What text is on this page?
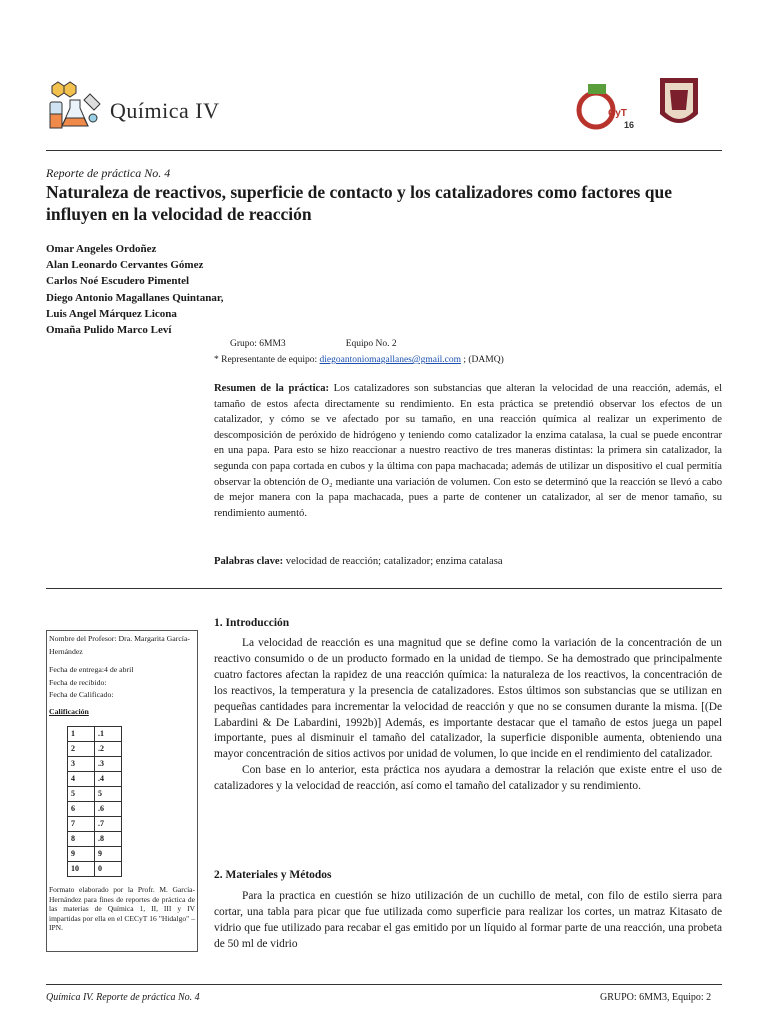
Química IV	CyT
16
Reporte de práctica No. 4
Naturaleza de reactivos, superficie de contacto y los catalizadores como factores que influyen en la velocidad de reacción
Omar Angeles Ordoñez
Alan Leonardo Cervantes Gómez
Carlos Noé Escudero Pimentel
Diego Antonio Magallanes Quintanar,
Luis Angel Márquez Licona
Omaña Pulido Marco Leví
Grupo: 6MM3	Equipo No. 2
* Representante de equipo: diegoantoniomagallanes@gmail.com ; (DAMQ)
Resumen de la práctica: Los catalizadores son substancias que alteran la velocidad de una reacción, además, el tamaño de estos afecta directamente su rendimiento. En esta práctica se pretendió observar los efectos de un catalizador, y cómo se ve afectado por su tamaño, en una reacción química al realizar un experimento de descomposición de peróxido de hidrógeno y teniendo como catalizador la enzima catalasa, la cual se puede encontrar en una papa. Para esto se hizo reaccionar a nuestro reactivo de tres maneras distintas: la primera sin catalizador, la segunda con papa cortada en cubos y la última con papa machacada; además de utilizar un dispositivo el cual permitía observar la obtención de O₂ mediante una variación de volumen. Con esto se determinó que la reacción se llevó a cabo de mejor manera con la papa machacada, pues a parte de contener un catalizador, al ser de menor tamaño, su rendimiento aumentó.
Palabras clave: velocidad de reacción; catalizador; enzima catalasa
Nombre del Profesor: Dra. Margarita García-Hernández
Fecha de entrega:4 de abril
Fecha de recibido:
Fecha de Calificado:
Calificación
1	.1
2	.2
3	.3
4	.4
5	5
6	.6
7	.7
8	.8
9	9
10	0
Formato elaborado por la Profr. M. García-Hernández para fines de reportes de práctica de las materias de Química 1, II, III y IV impartidas por ella en el CECyT 16 "Hidalgo" – IPN.
1. Introducción
La velocidad de reacción es una magnitud que se define como la variación de la concentración de un reactivo consumido o de un producto formado en la unidad de tiempo. Se ha demostrado que principalmente cuatro factores afectan la rapidez de una reacción química: la naturaleza de los reactivos, la concentración de los reactivos, la temperatura y la presencia de catalizadores. Estos últimos son substancias que se utilizan en pequeñas cantidades para incrementar la velocidad de reacción y que no se consumen durante la misma. [(De Labardini & De Labardini, 1992b)] Además, es importante destacar que el tamaño de estos juega un papel importante, pues al disminuir el tamaño del catalizador, la superficie disponible aumenta, obteniendo una mayor concentración de sitios activos por unidad de volumen, lo que incide en el rendimiento del catalizador.
Con base en lo anterior, esta práctica nos ayudara a demostrar la relación que existe entre el uso de catalizadores y la velocidad de reacción, así como el tamaño del catalizador y su rendimiento.
2. Materiales y Métodos
Para la practica en cuestión se hizo utilización de un cuchillo de metal, con filo de estilo sierra para cortar, una tabla para picar que fue utilizada como superficie para realizar los cortes, un matraz Kitasato de vidrio que fue utilizado para recabar el gas emitido por un líquido al formar parte de una reacción, una probeta de 50 ml de vidrio
Química IV. Reporte de práctica No. 4	GRUPO: 6MM3, Equipo: 2
